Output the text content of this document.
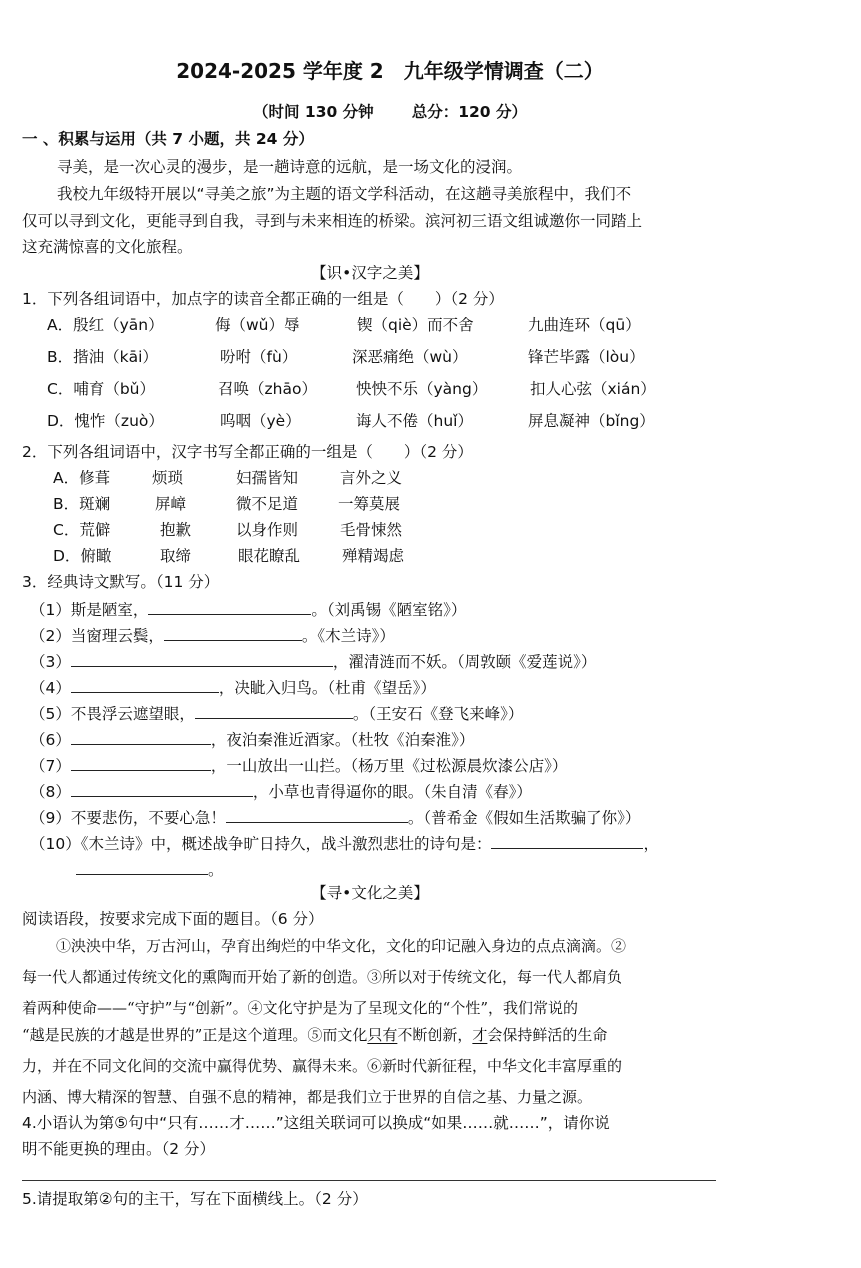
2024-2025 学年度 2　九年级学情调查（二）
（时间 130 分钟 总分：120 分）
一 、积累与运用（共 7 小题，共 24 分）
寻美，是一次心灵的漫步，是一趟诗意的远航，是一场文化的浸润。
我校九年级特开展以“寻美之旅”为主题的语文学科活动，在这趟寻美旅程中，我们不
仅可以寻到文化，更能寻到自我，寻到与未来相连的桥梁。滨河初三语文组诚邀你一同踏上
这充满惊喜的文化旅程。
【识•汉字之美】
1．下列各组词语中，加点字的读音全都正确的一组是（　　）（2 分）
A．殷红（yān）	侮（wǔ）辱	锲（qiè）而不舍	九曲连环（qū）
B．揩油（kāi）	吩咐（fù）	深恶痛绝（wù）	锋芒毕露（lòu）
C．哺育（bǔ）	召唤（zhāo）	怏怏不乐（yàng）	扣人心弦（xián）
D．愧怍（zuò）	呜咽（yè）	诲人不倦（huǐ）	屏息凝神（bǐng）
2．下列各组词语中，汉字书写全都正确的一组是（　　）（2 分）
A．修葺	烦琐	妇孺皆知	言外之义
B．斑斓	屏嶂	微不足道	一筹莫展
C．荒僻	抱歉	以身作则	毛骨悚然
D．俯瞰	取缔	眼花瞭乱	殚精竭虑
3．经典诗文默写。（11 分）
（1）斯是陋室，	。（刘禹锡《陋室铭》）
（2）当窗理云鬓，	。《木兰诗》）
（3）	，濯清涟而不妖。（周敦颐《爱莲说》）
（4）	，决眦入归鸟。（杜甫《望岳》）
（5）不畏浮云遮望眼，	。（王安石《登飞来峰》）
（6）	，夜泊秦淮近酒家。（杜牧《泊秦淮》）
（7）	，一山放出一山拦。（杨万里《过松源晨炊漆公店》）
（8）	，小草也青得逼你的眼。（朱自清《春》）
（9）不要悲伤，不要心急！	。（普希金《假如生活欺骗了你》）
（10）《木兰诗》中，概述战争旷日持久，战斗激烈悲壮的诗句是：	，
。
【寻•文化之美】
阅读语段，按要求完成下面的题目。（6 分）
①泱泱中华，万古河山，孕育出绚烂的中华文化，文化的印记融入身边的点点滴滴。②
每一代人都通过传统文化的熏陶而开始了新的创造。③所以对于传统文化，每一代人都肩负
着两种使命——“守护”与“创新”。④文化守护是为了呈现文化的“个性”，我们常说的
“越是民族的才越是世界的”正是这个道理。⑤而文化只有不断创新，才会保持鲜活的生命
力，并在不同文化间的交流中赢得优势、赢得未来。⑥新时代新征程，中华文化丰富厚重的
内涵、博大精深的智慧、自强不息的精神，都是我们立于世界的自信之基、力量之源。
4.小语认为第⑤句中“只有……才……”这组关联词可以换成“如果……就……”，请你说
明不能更换的理由。（2 分）
5.请提取第②句的主干，写在下面横线上。（2 分）
